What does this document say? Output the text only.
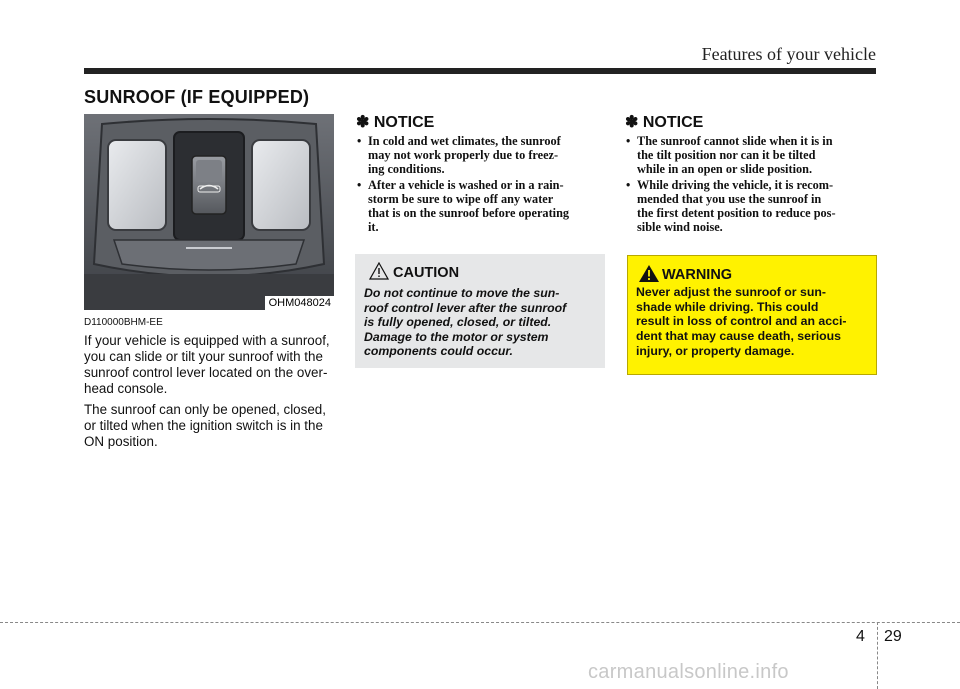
Features of your vehicle
SUNROOF (IF EQUIPPED)
OHM048024
D110000BHM-EE
If your vehicle is equipped with a sunroof,
you can slide or tilt your sunroof with the
sunroof control lever located on the over-
head console.
The sunroof can only be opened, closed,
or tilted when the ignition switch is in the
ON position.
✽ NOTICE
• In cold and wet climates, the sunroof
may not work properly due to freez-
ing conditions.
• After a vehicle is washed or in a rain-
storm be sure to wipe off any water
that is on the sunroof before operating
it.
✽ NOTICE
• The sunroof cannot slide when it is in
the tilt position nor can it be tilted
while in an open or slide position.
• While driving the vehicle, it is recom-
mended that you use the sunroof in
the first detent position to reduce pos-
sible wind noise.
CAUTION
Do not continue to move the sun-
roof control lever after the sunroof
is fully opened, closed, or tilted.
Damage to the motor or system
components could occur.
WARNING
Never adjust the sunroof or sun-
shade while driving. This could
result in loss of control and an acci-
dent that may cause death, serious
injury, or property damage.
4 29
carmanualsonline.info
